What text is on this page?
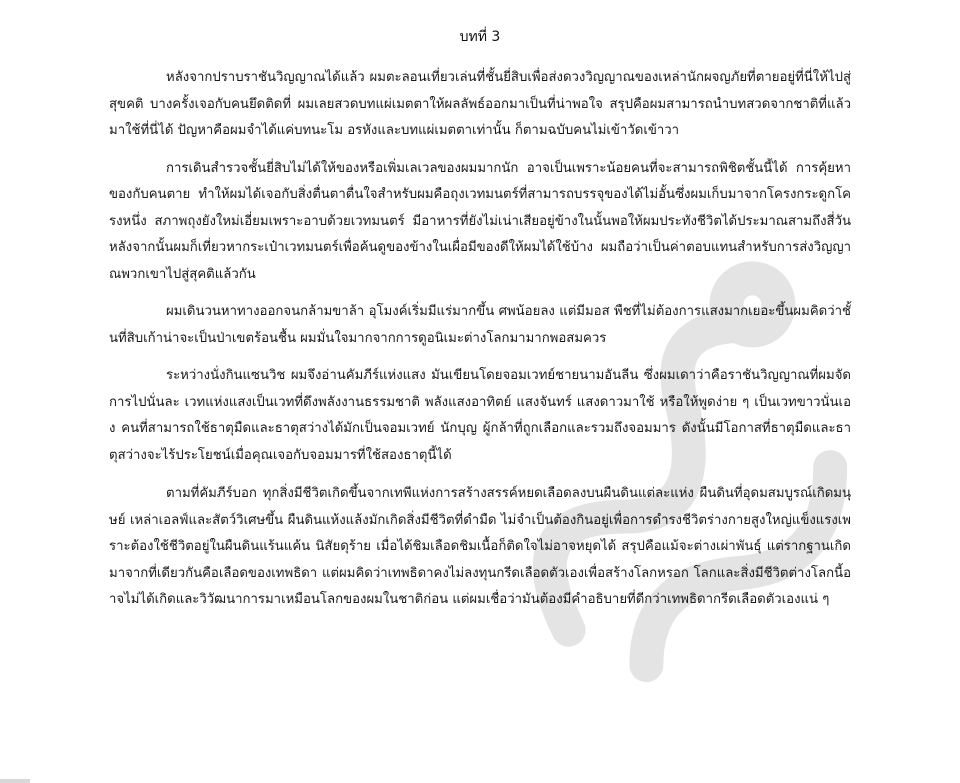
บทที่ 3

หลังจากปราบราชันวิญญาณได้แล้ว ผมตะลอนเที่ยวเล่นที่ชั้นยี่สิบเพื่อส่งดวงวิญญาณของเหล่านักผจญภัยที่ตายอยู่ที่นี่ให้ไปสู่สุขคติ บางครั้งเจอกับคนยึดติดที่ ผมเลยสวดบทแผ่เมตตาให้ผลลัพธ์ออกมาเป็นที่น่าพอใจ สรุปคือผมสามารถนำบทสวดจากชาติที่แล้วมาใช้ที่นี่ได้ ปัญหาคือผมจำได้แค่บทนะโม อรหังและบทแผ่เมตตาเท่านั้น ก็ตามฉบับคนไม่เข้าวัดเข้าวา

การเดินสำรวจชั้นยี่สิบไม่ได้ให้ของหรือเพิ่มเลเวลของผมมากนัก อาจเป็นเพราะน้อยคนที่จะสามารถพิชิตชั้นนี้ได้ การคุ้ยหาของกับคนตาย ทำให้ผมได้เจอกับสิ่งตื่นตาตื่นใจสำหรับผมคือถุงเวทมนตร์ที่สามารถบรรจุของได้ไม่อั้นซึ่งผมเก็บมาจากโครงกระดูกโครงหนึ่ง สภาพถุงยังใหม่เอี่ยมเพราะอาบด้วยเวทมนตร์ มีอาหารที่ยังไม่เน่าเสียอยู่ข้างในนั้นพอให้ผมประทังชีวิตได้ประมาณสามถึงสี่วัน หลังจากนั้นผมก็เที่ยวหากระเป๋าเวทมนตร์เพื่อค้นดูของข้างในเผื่อมีของดีให้ผมได้ใช้บ้าง ผมถือว่าเป็นค่าตอบแทนสำหรับการส่งวิญญาณพวกเขาไปสู่สุคติแล้วกัน

ผมเดินวนหาทางออกจนกล้ามขาล้า อุโมงค์เริ่มมีแร่มากขึ้น ศพน้อยลง แต่มีมอส พืชที่ไม่ต้องการแสงมากเยอะขึ้นผมคิดว่าชั้นที่สิบเก้าน่าจะเป็นป่าเขตร้อนชื้น ผมมั่นใจมากจากการดูอนิเมะต่างโลกมามากพอสมควร

ระหว่างนั่งกินแซนวิช ผมจึงอ่านคัมภีร์แห่งแสง มันเขียนโดยจอมเวทย์ชายนามอันลีน ซึ่งผมเดาว่าคือราชันวิญญาณที่ผมจัดการไปนั่นละ เวทแห่งแสงเป็นเวทที่ดึงพลังงานธรรมชาติ พลังแสงอาทิตย์ แสงจันทร์ แสงดาวมาใช้ หรือให้พูดง่าย ๆ เป็นเวทขาวนั่นเอง คนที่สามารถใช้ธาตุมืดและธาตุสว่างได้มักเป็นจอมเวทย์ นักบุญ ผู้กล้าที่ถูกเลือกและรวมถึงจอมมาร ดังนั้นมีโอกาสที่ธาตุมืดและธาตุสว่างจะไร้ประโยชน์เมื่อคุณเจอกับจอมมารที่ใช้สองธาตุนี้ได้

ตามที่คัมภีร์บอก ทุกสิ่งมีชีวิตเกิดขึ้นจากเทพีแห่งการสร้างสรรค์หยดเลือดลงบนผืนดินแต่ละแห่ง ผืนดินที่อุดมสมบูรณ์เกิดมนุษย์ เหล่าเอลฟ์และสัตว์วิเศษขึ้น ผืนดินแห้งแล้งมักเกิดสิ่งมีชีวิตที่ดำมืด ไม่จำเป็นต้องกินอยู่เพื่อการดำรงชีวิตร่างกายสูงใหญ่แข็งแรงเพราะต้องใช้ชีวิตอยู่ในผืนดินแร้นแค้น นิสัยดุร้าย เมื่อได้ชิมเลือดชิมเนื้อก็ติดใจไม่อาจหยุดได้ สรุปคือแม้จะต่างเผ่าพันธุ์ แต่รากฐานเกิดมาจากที่เดียวกันคือเลือดของเทพธิดา แต่ผมคิดว่าเทพธิดาคงไม่ลงทุนกรีดเลือดตัวเองเพื่อสร้างโลกหรอก โลกและสิ่งมีชีวิตต่างโลกนี้อาจไม่ได้เกิดและวิวัฒนาการมาเหมือนโลกของผมในชาติก่อน แต่ผมเชื่อว่ามันต้องมีคำอธิบายที่ดีกว่าเทพธิดากรีดเลือดตัวเองแน่ ๆ
